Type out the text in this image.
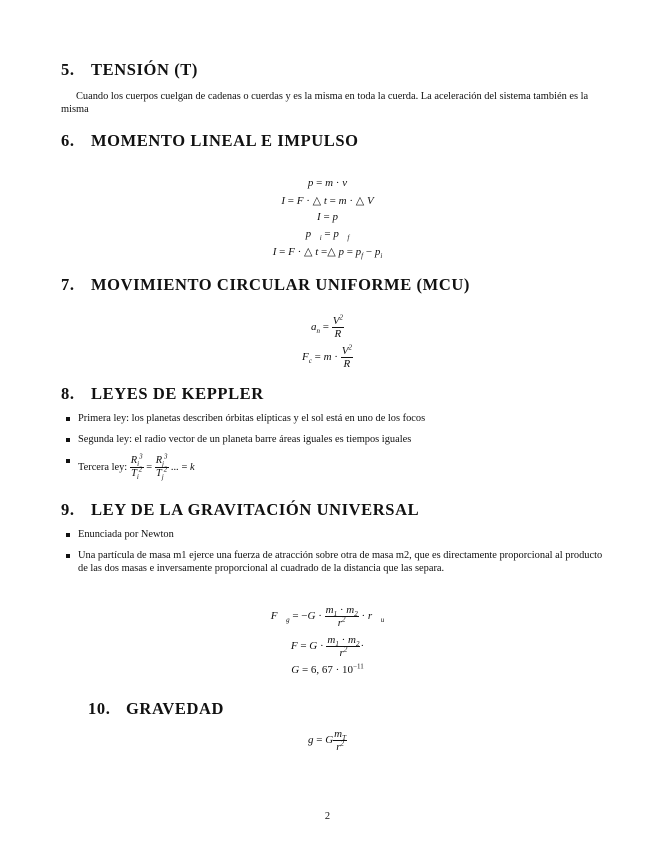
5. TENSIÓN (T)

Cuando los cuerpos cuelgan de cadenas o cuerdas y es la misma en toda la cuerda. La aceleración del sistema también es la misma

6. MOMENTO LINEAL E IMPULSO
p = m · v
I = F · △ t = m · △ V
I = p
$p⃗_i$ = $p⃗_f$
I = F · △ t =△ $p = p_f - p_i$
7. MOVIMIENTO CIRCULAR UNIFORME (MCU)
$a_n = \frac{V^2}{R}$
$F_c = m \cdot \frac{V^2}{R}$
8. LEYES DE KEPPLER
Primera ley: los planetas describen órbitas elípticas y el sol está en uno de los focos
Segunda ley: el radio vector de un planeta barre áreas iguales es tiempos iguales
Tercera ley: $\frac{R_i^3}{T_i^2} = \frac{R_j^3}{T_j^2}$ ... = k
9. LEY DE LA GRAVITACIÓN UNIVERSAL
Enunciada por Newton
Una partícula de masa m1 ejerce una fuerza de atracción sobre otra de masa m2, que es directamente proporcional al producto de las dos masas e inversamente proporcional al cuadrado de la distancia que las separa.
$F⃗_g = -G \cdot \frac{m_1 \cdot m_2}{r^2}$ · $r⃗_u$
$F = G \cdot \frac{m_1 \cdot m_2}{r^2}$ ·
G = 6, $67 \cdot 10^{-11}$
10. GRAVEDAD
g = G $\frac{m_T}{r^2}$
2
